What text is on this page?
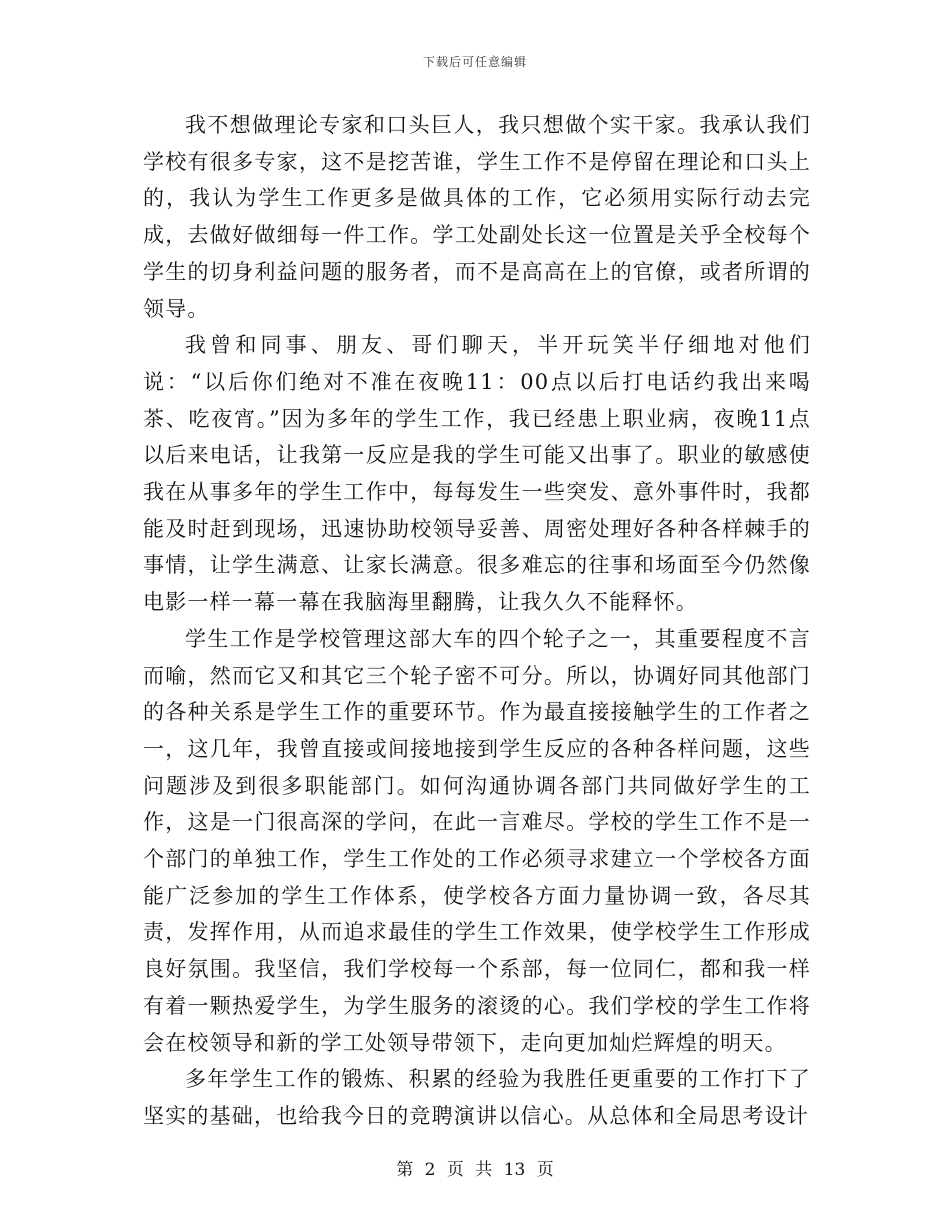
下载后可任意编辑

我不想做理论专家和口头巨人，我只想做个实干家。我承认我们学校有很多专家，这不是挖苦谁，学生工作不是停留在理论和口头上的，我认为学生工作更多是做具体的工作，它必须用实际行动去完成，去做好做细每一件工作。学工处副处长这一位置是关乎全校每个学生的切身利益问题的服务者，而不是高高在上的官僚，或者所谓的领导。

我曾和同事、朋友、哥们聊天，半开玩笑半仔细地对他们说：“以后你们绝对不准在夜晚11：00点以后打电话约我出来喝茶、吃夜宵。”因为多年的学生工作，我已经患上职业病，夜晚11点以后来电话，让我第一反应是我的学生可能又出事了。职业的敏感使我在从事多年的学生工作中，每每发生一些突发、意外事件时，我都能及时赶到现场，迅速协助校领导妥善、周密处理好各种各样棘手的事情，让学生满意、让家长满意。很多难忘的往事和场面至今仍然像电影一样一幕一幕在我脑海里翻腾，让我久久不能释怀。

学生工作是学校管理这部大车的四个轮子之一，其重要程度不言而喻，然而它又和其它三个轮子密不可分。所以，协调好同其他部门的各种关系是学生工作的重要环节。作为最直接接触学生的工作者之一，这几年，我曾直接或间接地接到学生反应的各种各样问题，这些问题涉及到很多职能部门。如何沟通协调各部门共同做好学生的工作，这是一门很高深的学问，在此一言难尽。学校的学生工作不是一个部门的单独工作，学生工作处的工作必须寻求建立一个学校各方面能广泛参加的学生工作体系，使学校各方面力量协调一致，各尽其责，发挥作用，从而追求最佳的学生工作效果，使学校学生工作形成良好氛围。我坚信，我们学校每一个系部，每一位同仁，都和我一样有着一颗热爱学生，为学生服务的滚烫的心。我们学校的学生工作将会在校领导和新的学工处领导带领下，走向更加灿烂辉煌的明天。

多年学生工作的锻炼、积累的经验为我胜任更重要的工作打下了坚实的基础，也给我今日的竞聘演讲以信心。从总体和全局思考设计

第 2 页 共 13 页
